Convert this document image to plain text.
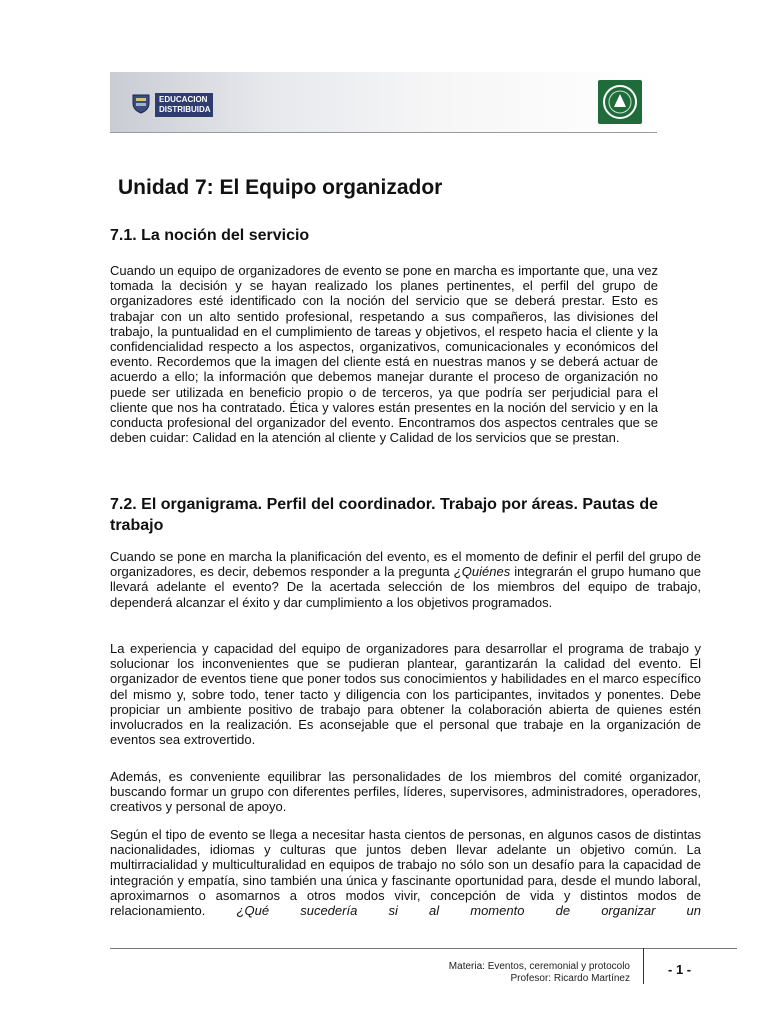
EDUCACION
DISTRIBUIDA
Unidad 7: El Equipo organizador
7.1. La noción del servicio

Cuando un equipo de organizadores de evento se pone en marcha es importante que, una vez tomada la decisión y se hayan realizado los planes pertinentes, el perfil del grupo de organizadores esté identificado con la noción del servicio que se deberá prestar. Esto es trabajar con un alto sentido profesional, respetando a sus compañeros, las divisiones del trabajo, la puntualidad en el cumplimiento de tareas y objetivos, el respeto hacia el cliente y la confidencialidad respecto a los aspectos, organizativos, comunicacionales y económicos del evento. Recordemos que la imagen del cliente está en nuestras manos y se deberá actuar de acuerdo a ello; la información que debemos manejar durante el proceso de organización no puede ser utilizada en beneficio propio o de terceros, ya que podría ser perjudicial para el cliente que nos ha contratado. Ética y valores están presentes en la noción del servicio y en la conducta profesional del organizador del evento. Encontramos dos aspectos centrales que se deben cuidar: Calidad en la atención al cliente y Calidad de los servicios que se prestan.

7.2. El organigrama. Perfil del coordinador. Trabajo por áreas. Pautas de trabajo

Cuando se pone en marcha la planificación del evento, es el momento de definir el perfil del grupo de organizadores, es decir, debemos responder a la pregunta ¿Quiénes integrarán el grupo humano que llevará adelante el evento? De la acertada selección de los miembros del equipo de trabajo, dependerá alcanzar el éxito y dar cumplimiento a los objetivos programados.

La experiencia y capacidad del equipo de organizadores para desarrollar el programa de trabajo y solucionar los inconvenientes que se pudieran plantear, garantizarán la calidad del evento. El organizador de eventos tiene que poner todos sus conocimientos y habilidades en el marco específico del mismo y, sobre todo, tener tacto y diligencia con los participantes, invitados y ponentes. Debe propiciar un ambiente positivo de trabajo para obtener la colaboración abierta de quienes estén involucrados en la realización. Es aconsejable que el personal que trabaje en la organización de eventos sea extrovertido.

Además, es conveniente equilibrar las personalidades de los miembros del comité organizador, buscando formar un grupo con diferentes perfiles, líderes, supervisores, administradores, operadores, creativos y personal de apoyo.

Según el tipo de evento se llega a necesitar hasta cientos de personas, en algunos casos de distintas nacionalidades, idiomas y culturas que juntos deben llevar adelante un objetivo común. La multirracialidad y multiculturalidad en equipos de trabajo no sólo son un desafío para la capacidad de integración y empatía, sino también una única y fascinante oportunidad para, desde el mundo laboral, aproximarnos o asomarnos a otros modos vivir, concepción de vida y distintos modos de relacionamiento. ¿Qué sucedería si al momento de organizar un

Materia: Eventos, ceremonial y protocolo
Profesor: Ricardo Martínez
- 1 -
